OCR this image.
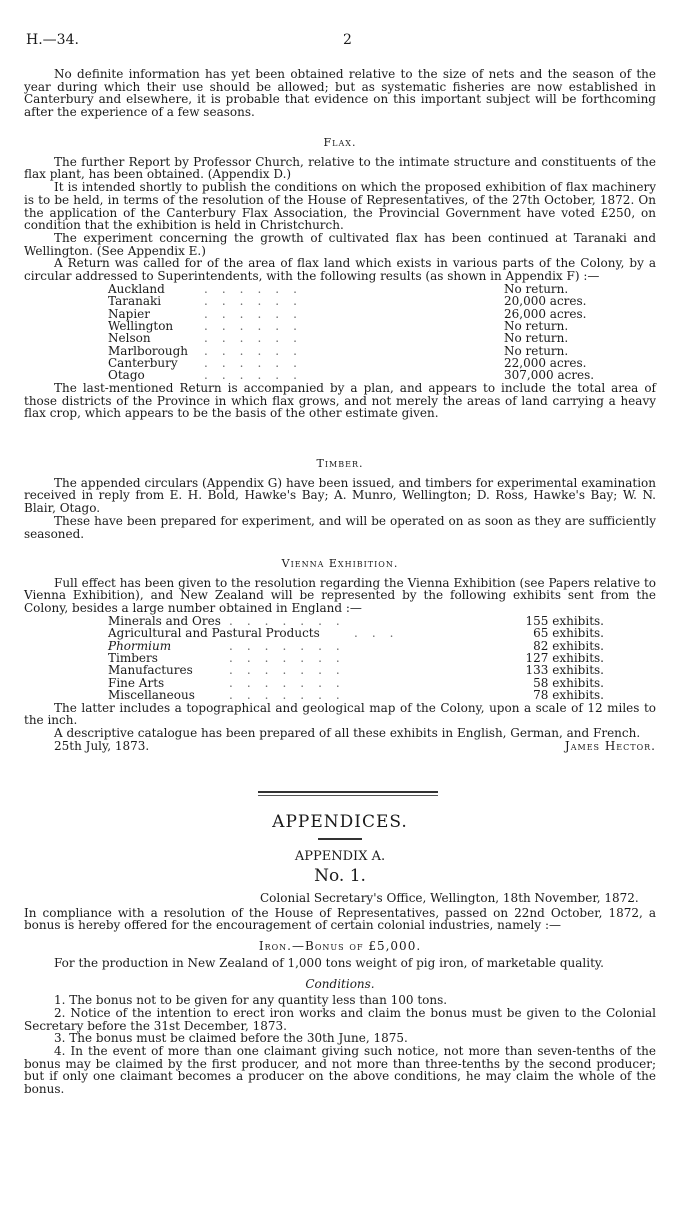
H.—34.	2

No definite information has yet been obtained relative to the size of nets and the season of the year during which their use should be allowed; but as systematic fisheries are now established in Canterbury and elsewhere, it is probable that evidence on this important subject will be forthcoming after the experience of a few seasons.

Flax.

The further Report by Professor Church, relative to the intimate structure and constituents of the flax plant, has been obtained. (Appendix D.)

It is intended shortly to publish the conditions on which the proposed exhibition of flax machinery is to be held, in terms of the resolution of the House of Representatives, of the 27th October, 1872. On the application of the Canterbury Flax Association, the Provincial Government have voted £250, on condition that the exhibition is held in Christchurch.

The experiment concerning the growth of cultivated flax has been continued at Taranaki and Wellington. (See Appendix E.)

A Return was called for of the area of flax land which exists in various parts of the Colony, by a circular addressed to Superintendents, with the following results (as shown in Appendix F) :—

Auckland	......	No return.
Taranaki	......	20,000 acres.
Napier	......	26,000 acres.
Wellington	......	No return.
Nelson	......	No return.
Marlborough ......	No return.
Canterbury ......	22,000 acres.
Otago	......	307,000 acres.

The last-mentioned Return is accompanied by a plan, and appears to include the total area of those districts of the Province in which flax grows, and not merely the areas of land carrying a heavy flax crop, which appears to be the basis of the other estimate given.

Timber.

The appended circulars (Appendix G) have been issued, and timbers for experimental examination received in reply from E. H. Bold, Hawke's Bay; A. Munro, Wellington; D. Ross, Hawke's Bay; W. N. Blair, Otago.

These have been prepared for experiment, and will be operated on as soon as they are sufficiently seasoned.

Vienna Exhibition.

Full effect has been given to the resolution regarding the Vienna Exhibition (see Papers relative to Vienna Exhibition), and New Zealand will be represented by the following exhibits sent from the Colony, besides a large number obtained in England :—

Minerals and Ores .......	155 exhibits.
Agricultural and Pastural Products	...	65 exhibits.
Phormium	.......	82 exhibits.
Timbers	.......	127 exhibits.
Manufactures	.......	133 exhibits.
Fine Arts	.......	58 exhibits.
Miscellaneous	.......	78 exhibits.

The latter includes a topographical and geological map of the Colony, upon a scale of 12 miles to the inch.

A descriptive catalogue has been prepared of all these exhibits in English, German, and French.

25th July, 1873.	James Hector.
APPENDICES.
APPENDIX A.
No. 1.
Colonial Secretary's Office, Wellington, 18th November, 1872.

In compliance with a resolution of the House of Representatives, passed on 22nd October, 1872, a bonus is hereby offered for the encouragement of certain colonial industries, namely :—

Iron.—Bonus of £5,000.

For the production in New Zealand of 1,000 tons weight of pig iron, of marketable quality.

Conditions.

1. The bonus not to be given for any quantity less than 100 tons.

2. Notice of the intention to erect iron works and claim the bonus must be given to the Colonial Secretary before the 31st December, 1873.

3. The bonus must be claimed before the 30th June, 1875.

4. In the event of more than one claimant giving such notice, not more than seven-tenths of the bonus may be claimed by the first producer, and not more than three-tenths by the second producer; but if only one claimant becomes a producer on the above conditions, he may claim the whole of the bonus.
